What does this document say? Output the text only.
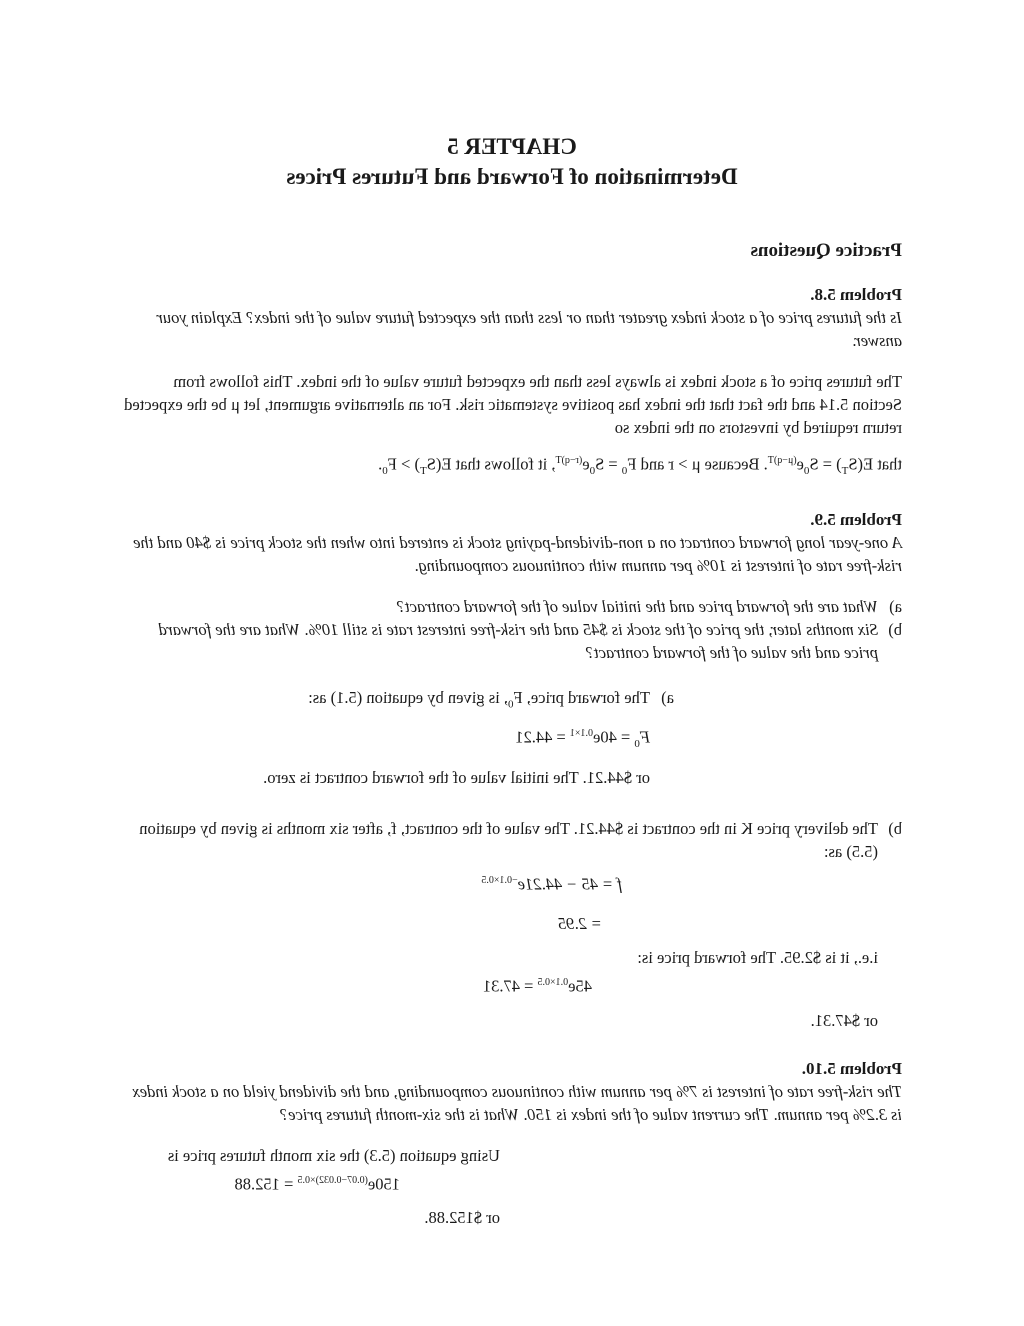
CHAPTER 5
Determination of Forward and Futures Prices
Practice Questions
Problem 5.8.
Is the futures price of a stock index greater than or less than the expected future value of the index? Explain your answer.

The futures price of a stock index is always less than the expected future value of the index. This follows from Section 5.14 and the fact that the index has positive systematic risk. For an alternative argument, let μ be the expected return required by investors on the index so

that $E(S_T) = S_0e^{(\mu-q)T}$. Because μ > r and $F_0 = S_0e^{(r-q)T}$, it follows that $E(S_T) > F_0$.
Problem 5.9.
A one-year long forward contract on a non-dividend-paying stock is entered into when the stock price is $40 and the risk-free rate of interest is 10% per annum with continuous compounding.
a)
What are the forward price and the initial value of the forward contract?
b)
Six months later, the price of the stock is $45 and the risk-free interest rate is still 10%. What are the forward price and the value of the forward contract?
a)
The forward price, $F_0$, is given by equation (5.1) as:
$F_0 = 40e^{0.1\times 1} = 44.21$

or $44.21. The initial value of the forward contract is zero.

b)
The delivery price K in the contract is $44.21. The value of the contract, f, after six months is given by equation (5.5) as:
$f = 45 - 44.21e^{-0.1\times 0.5}$
= 2.95

i.e., it is $2.95. The forward price is:

$45e^{0.1\times 0.5} = 47.31$

or $47.31.

Problem 5.10.
The risk-free rate of interest is 7% per annum with continuous compounding, and the dividend yield on a stock index is 3.2% per annum. The current value of the index is 150. What is the six-month futures price?

Using equation (5.3) the six month futures price is

$150e^{(0.07-0.032)\times 0.5} = 152.88$

or $152.88.
